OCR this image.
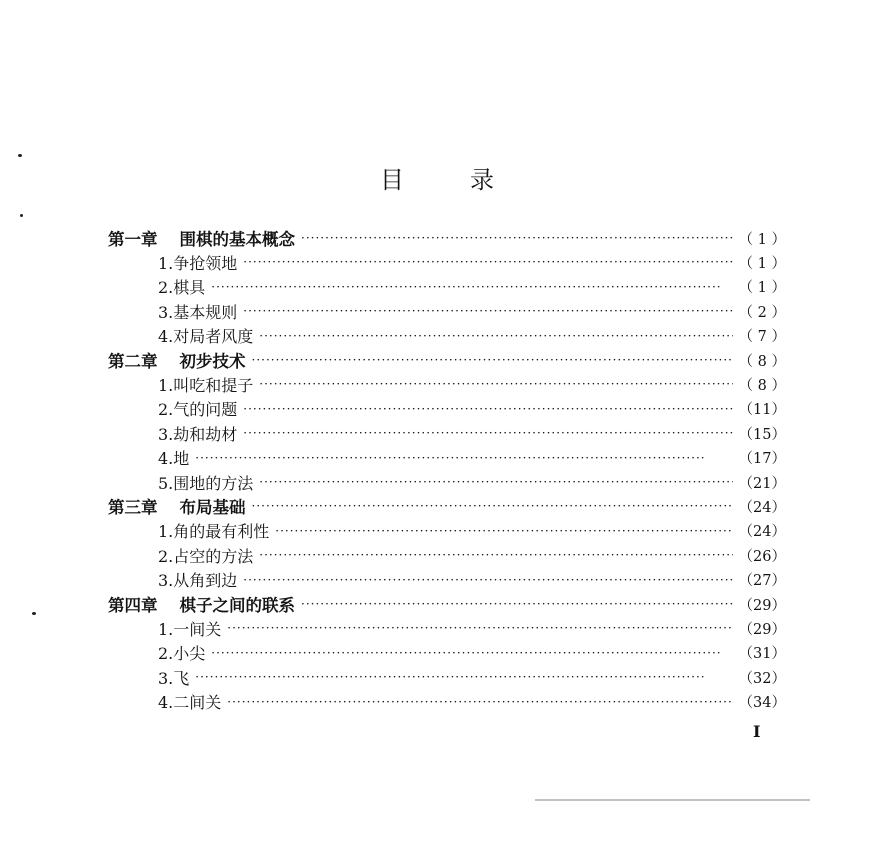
目	录
第一章 围棋的基本概念 ·····	（ 1 ）
1.争抢领地 ·····	（ 1 ）
2.棋具 ·····	（ 1 ）
3.基本规则 ·····	（ 2 ）
4.对局者风度 ·····	（ 7 ）
第二章 初步技术 ·····	（ 8 ）
1.叫吃和提子 ·····	（ 8 ）
2.气的问题 ·····	（11）
3.劫和劫材 ·····	（15）
4.地 ·····	（17）
5.围地的方法 ·····	（21）
第三章 布局基础 ·····	（24）
1.角的最有利性 ·····	（24）
2.占空的方法 ·····	（26）
3.从角到边 ·····	（27）
第四章 棋子之间的联系 ·····	（29）
1.一间关 ·····	（29）
2.小尖 ·····	（31）
3.飞 ·····	（32）
4.二间关 ·····	（34）
I
